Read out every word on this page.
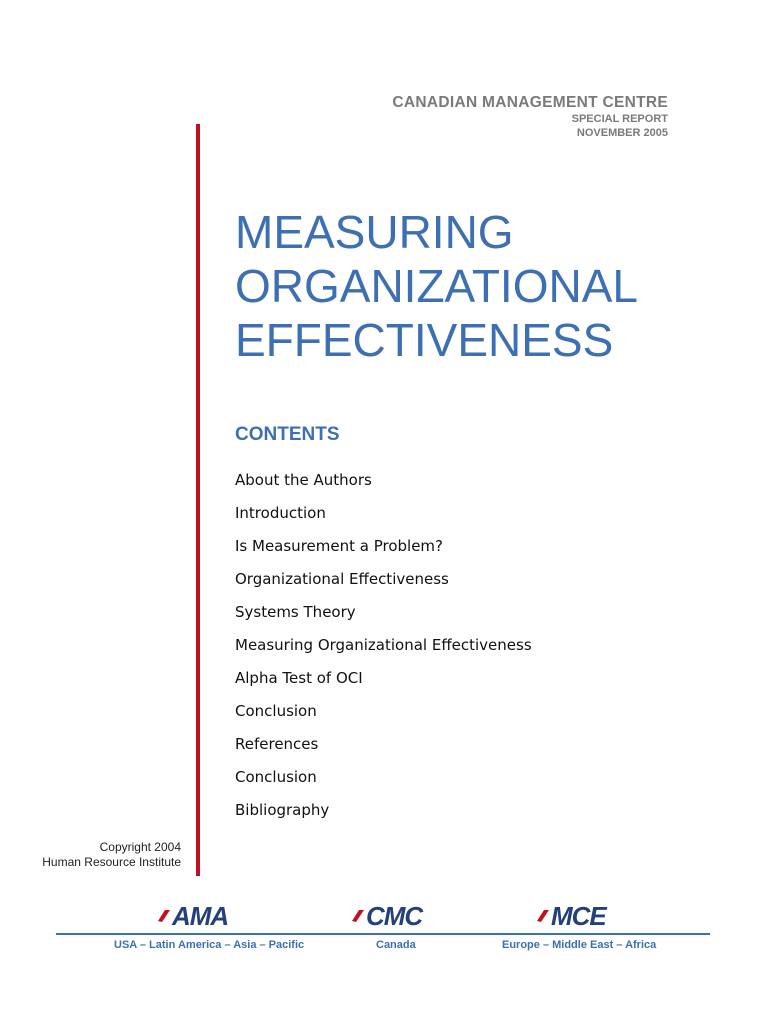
CANADIAN MANAGEMENT CENTRE
SPECIAL REPORT
NOVEMBER 2005
MEASURING
ORGANIZATIONAL
EFFECTIVENESS
CONTENTS
About the Authors
Introduction
Is Measurement a Problem?
Organizational Effectiveness
Systems Theory
Measuring Organizational Effectiveness
Alpha Test of OCI
Conclusion
References
Conclusion
Bibliography
Copyright 2004
Human Resource Institute
AMA	CMC	MCE
USA – Latin America – Asia – Pacific	Canada	Europe – Middle East – Africa
